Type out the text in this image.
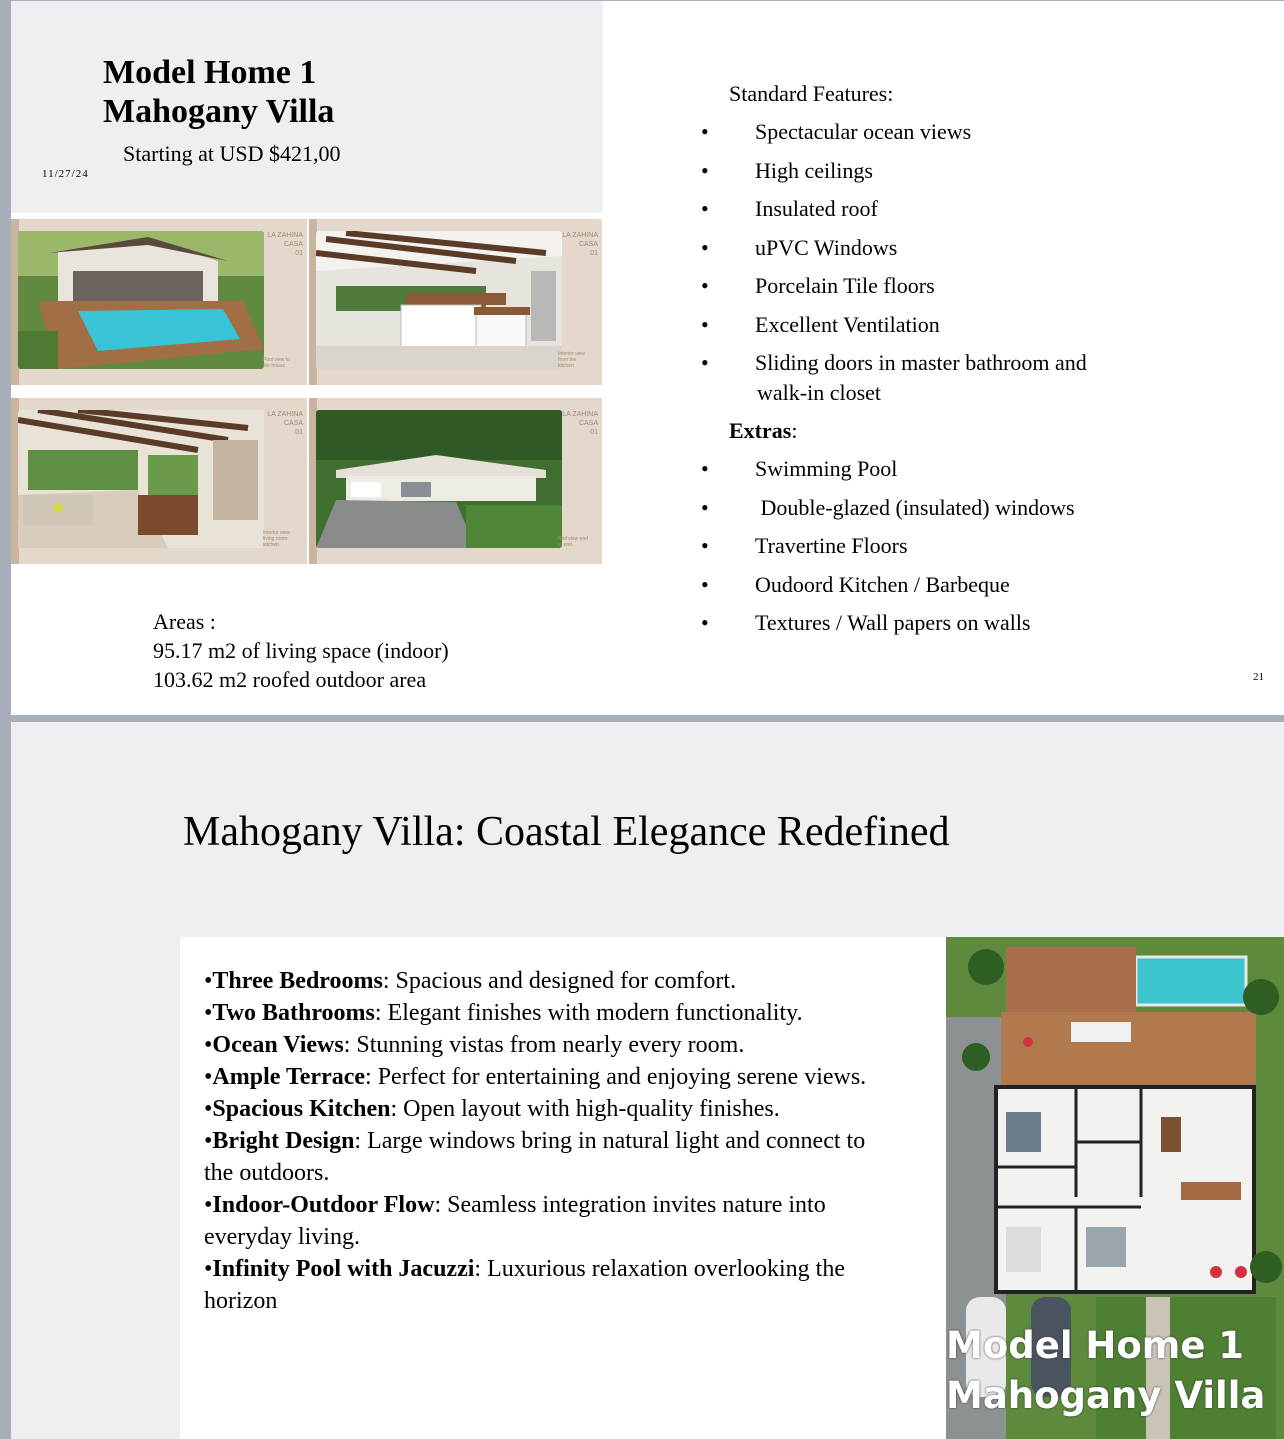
Model Home 1
Mahogany Villa
Starting at USD $421,00
11/27/24
LA ZAHINA
CASA
01
Pool view to the house
LA ZAHINA
CASA
01
Interior view from the kitchen
LA ZAHINA
CASA
01
Interior view living room-kitchen
LA ZAHINA
CASA
01
Bird view end to end
Areas :
95.17 m2 of living space (indoor)
103.62 m2 roofed outdoor area
Standard Features:
•	Spectacular ocean views
•	High ceilings
•	Insulated roof
•	uPVC Windows
•	Porcelain Tile floors
•	Excellent Ventilation
•	Sliding doors in master bathroom and
walk-in closet
Extras:
•	Swimming Pool
•	Double-glazed (insulated) windows
•	Travertine Floors
•	Oudoord Kitchen / Barbeque
•	Textures / Wall papers on walls
21
Mahogany Villa: Coastal Elegance Redefined
•Three Bedrooms: Spacious and designed for comfort.
•Two Bathrooms: Elegant finishes with modern functionality.
•Ocean Views: Stunning vistas from nearly every room.
•Ample Terrace: Perfect for entertaining and enjoying serene views.
•Spacious Kitchen: Open layout with high-quality finishes.
•Bright Design: Large windows bring in natural light and connect to the outdoors.
•Indoor-Outdoor Flow: Seamless integration invites nature into everyday living.
•Infinity Pool with Jacuzzi: Luxurious relaxation overlooking the horizon
Model Home 1
Mahogany Villa
